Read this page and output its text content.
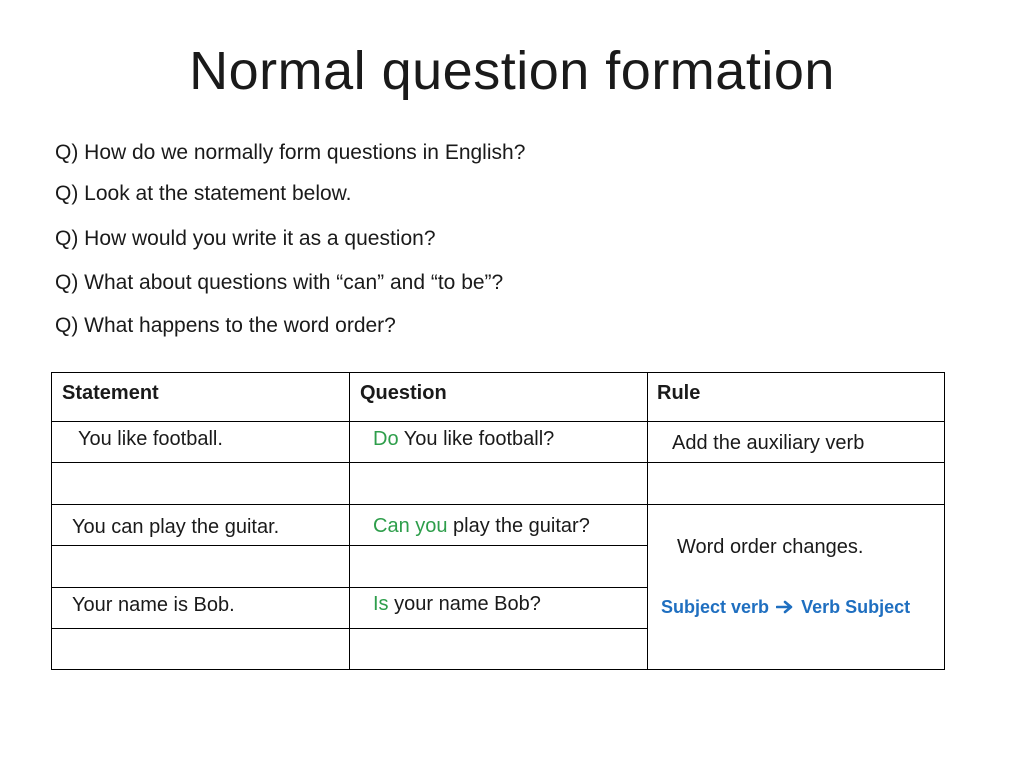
Normal question formation

Q) How do we normally form questions in English?

Q) Look at the statement below.

Q) How would you write it as a question?

Q) What about questions with “can” and “to be”?

Q) What happens to the word order?

Statement	Question	Rule
You like football.	Do You like football?	Add the auxiliary verb
You can play the guitar.	Can you play the guitar?
Your name is Bob.	Is your name Bob?
Word order changes.
Subject verb Verb Subject
